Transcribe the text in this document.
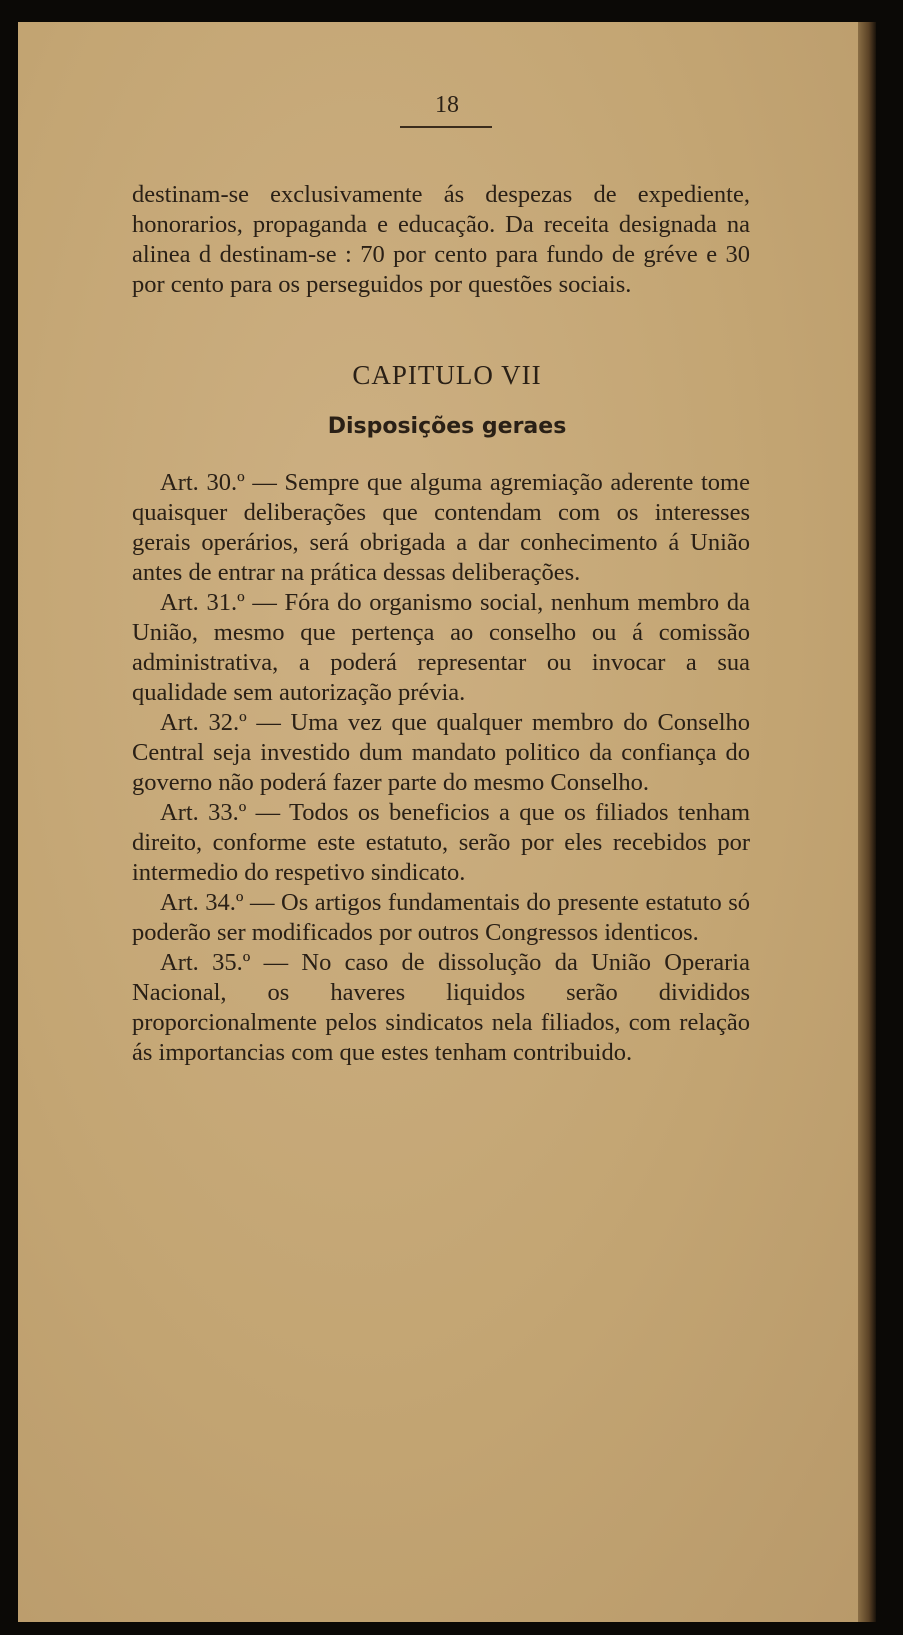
18

destinam-se exclusivamente ás despezas de expediente, honorarios, propaganda e educação. Da receita designada na alinea d destinam-se : 70 por cento para fundo de gréve e 30 por cento para os perseguidos por questões sociais.

CAPITULO VII
Disposições geraes

Art. 30.º — Sempre que alguma agremiação aderente tome quaisquer deliberações que contendam com os interesses gerais operários, será obrigada a dar conhecimento á União antes de entrar na prática dessas deliberações.

Art. 31.º — Fóra do organismo social, nenhum membro da União, mesmo que pertença ao conselho ou á comissão administrativa, a poderá representar ou invocar a sua qualidade sem autorização prévia.

Art. 32.º — Uma vez que qualquer membro do Conselho Central seja investido dum mandato politico da confiança do governo não poderá fazer parte do mesmo Conselho.

Art. 33.º — Todos os beneficios a que os filiados tenham direito, conforme este estatuto, serão por eles recebidos por intermedio do respetivo sindicato.

Art. 34.º — Os artigos fundamentais do presente estatuto só poderão ser modificados por outros Congressos identicos.

Art. 35.º — No caso de dissolução da União Operaria Nacional, os haveres liquidos serão divididos proporcionalmente pelos sindicatos nela filiados, com relação ás importancias com que estes tenham contribuido.
